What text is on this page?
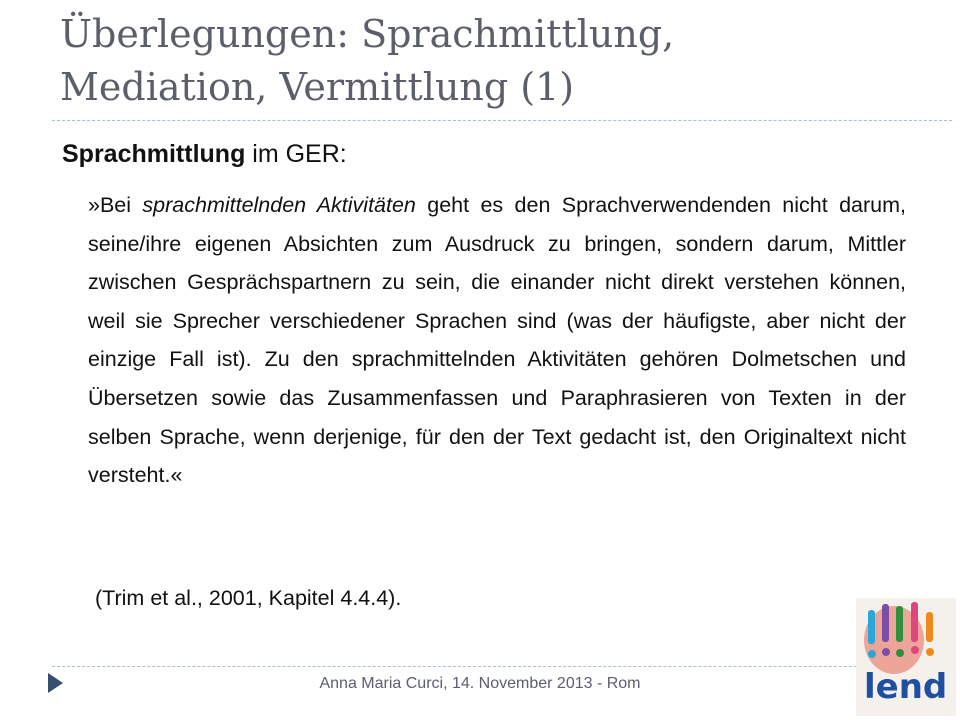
Überlegungen: Sprachmittlung,
Mediation, Vermittlung (1)

Sprachmittlung im GER:

»Bei sprachmittelnden Aktivitäten geht es den Sprachverwendenden nicht darum, seine/ihre eigenen Absichten zum Ausdruck zu bringen, sondern darum, Mittler zwischen Gesprächspartnern zu sein, die einander nicht direkt verstehen können, weil sie Sprecher verschiedener Sprachen sind (was der häufigste, aber nicht der einzige Fall ist). Zu den sprachmittelnden Aktivitäten gehören Dolmetschen und Übersetzen sowie das Zusammenfassen und Paraphrasieren von Texten in der selben Sprache, wenn derjenige, für den der Text gedacht ist, den Originaltext nicht versteht.«

(Trim et al., 2001, Kapitel 4.4.4).

Anna Maria Curci, 14. November 2013 - Rom	lend
